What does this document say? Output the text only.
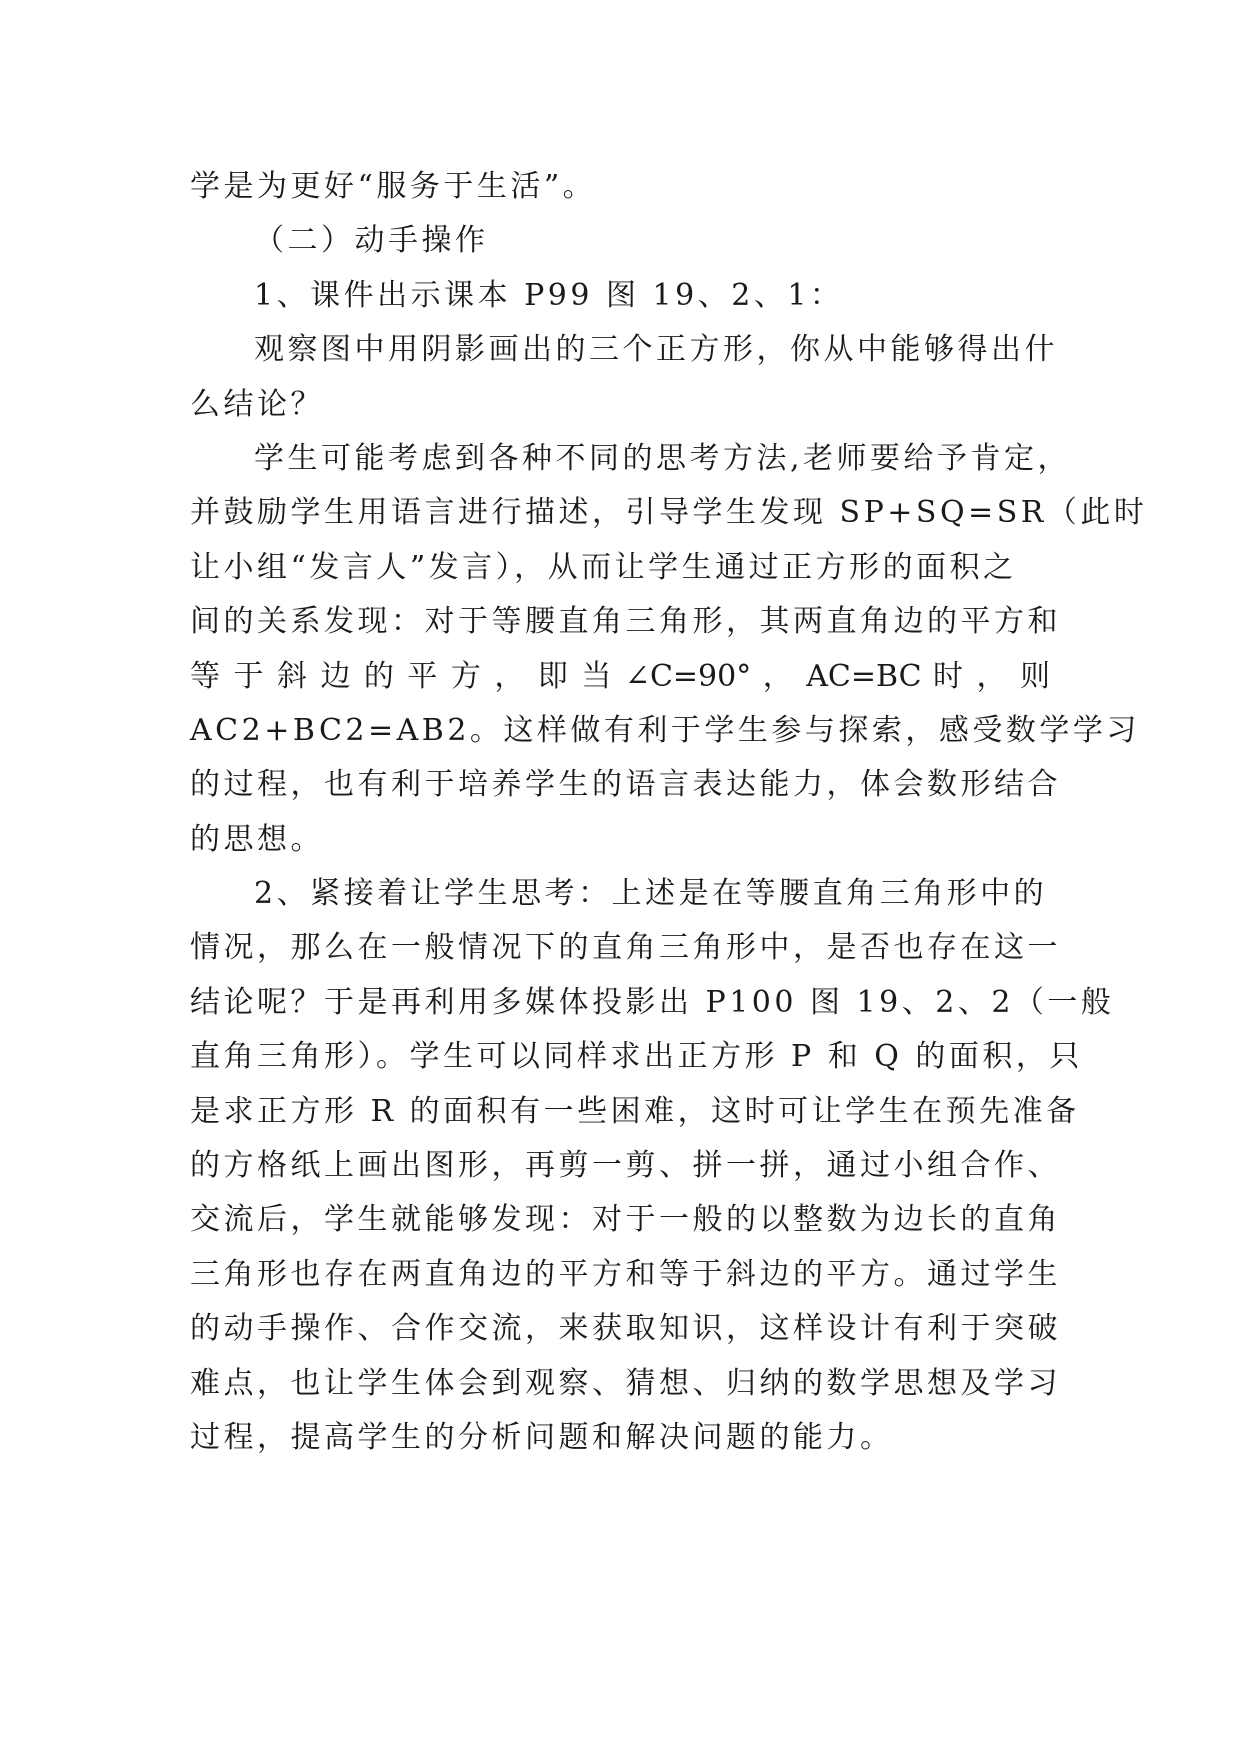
学是为更好“服务于生活”。
（二）动手操作
1、课件出示课本 P99 图 19、2、1：
观察图中用阴影画出的三个正方形，你从中能够得出什
么结论？
学生可能考虑到各种不同的思考方法,老师要给予肯定，
并鼓励学生用语言进行描述，引导学生发现 SP+SQ=SR（此时
让小组“发言人”发言），从而让学生通过正方形的面积之
间的关系发现：对于等腰直角三角形，其两直角边的平方和
等 于 斜 边 的 平 方 ， 即 当 ∠C=90° ， AC=BC 时 ， 则
AC2+BC2=AB2。这样做有利于学生参与探索，感受数学学习
的过程，也有利于培养学生的语言表达能力，体会数形结合
的思想。
2、紧接着让学生思考：上述是在等腰直角三角形中的
情况，那么在一般情况下的直角三角形中，是否也存在这一
结论呢？于是再利用多媒体投影出 P100 图 19、2、2（一般
直角三角形）。学生可以同样求出正方形 P 和 Q 的面积，只
是求正方形 R 的面积有一些困难，这时可让学生在预先准备
的方格纸上画出图形，再剪一剪、拼一拼，通过小组合作、
交流后，学生就能够发现：对于一般的以整数为边长的直角
三角形也存在两直角边的平方和等于斜边的平方。通过学生
的动手操作、合作交流，来获取知识，这样设计有利于突破
难点，也让学生体会到观察、猜想、归纳的数学思想及学习
过程，提高学生的分析问题和解决问题的能力。
